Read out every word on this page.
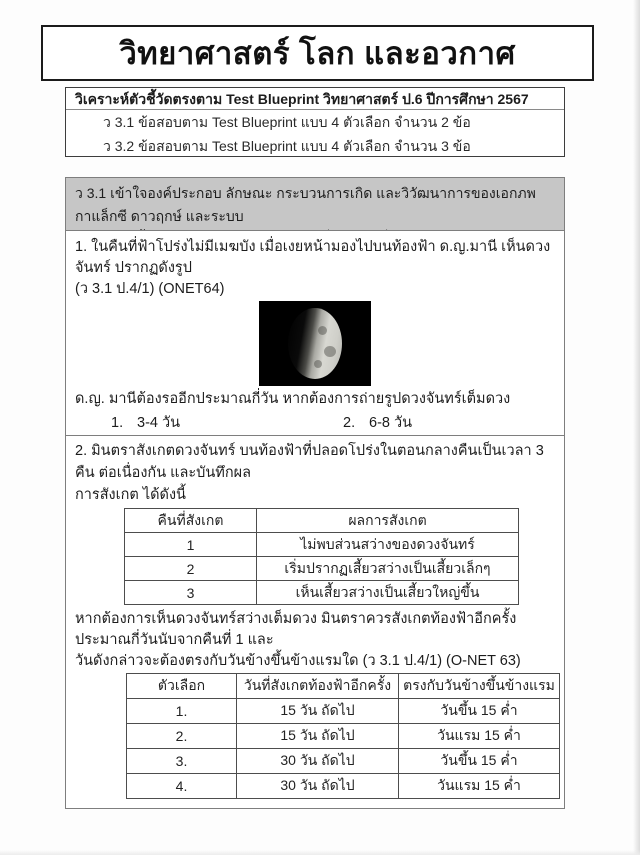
วิทยาศาสตร์ โลก และอวกาศ
วิเคราะห์ตัวชี้วัดตรงตาม Test Blueprint วิทยาศาสตร์ ป.6 ปีการศึกษา 2567
ว 3.1 ข้อสอบตาม Test Blueprint แบบ 4 ตัวเลือก จำนวน 2 ข้อ
ว 3.2 ข้อสอบตาม Test Blueprint แบบ 4 ตัวเลือก จำนวน 3 ข้อ
ว 3.1 เข้าใจองค์ประกอบ ลักษณะ กระบวนการเกิด และวิวัฒนาการของเอกภพกาแล็กซี ดาวฤกษ์ และระบบ
1. ในคืนที่ฟ้าโปร่งไม่มีเมฆบัง เมื่อเงยหน้ามองไปบนท้องฟ้า ด.ญ.มานี เห็นดวงจันทร์ ปรากฏดังรูป
(ว 3.1 ป.4/1) (ONET64)
ด.ญ. มานีต้องรออีกประมาณกี่วัน หากต้องการถ่ายรูปดวงจันทร์เต็มดวง
1. 3-4 วัน	2. 6-8 วัน
2. มินตราสังเกตดวงจันทร์ บนท้องฟ้าที่ปลอดโปร่งในตอนกลางคืนเป็นเวลา 3 คืน ต่อเนื่องกัน และบันทึกผล
การสังเกต ได้ดังนี้
คืนที่สังเกต	ผลการสังเกต
1	ไม่พบส่วนสว่างของดวงจันทร์
2	เริ่มปรากฏเสี้ยวสว่างเป็นเสี้ยวเล็กๆ
3	เห็นเสี้ยวสว่างเป็นเสี้ยวใหญ่ขึ้น
หากต้องการเห็นดวงจันทร์สว่างเต็มดวง มินตราควรสังเกตท้องฟ้าอีกครั้งประมาณกี่วันนับจากคืนที่ 1 และ
วันดังกล่าวจะต้องตรงกับวันข้างขึ้นข้างแรมใด (ว 3.1 ป.4/1) (O-NET 63)
ตัวเลือก	วันที่สังเกตท้องฟ้าอีกครั้ง	ตรงกับวันข้างขึ้นข้างแรม
1.	15 วัน ถัดไป	วันขึ้น 15 ค่ำ
2.	15 วัน ถัดไป	วันแรม 15 ค่ำ
3.	30 วัน ถัดไป	วันขึ้น 15 ค่ำ
4.	30 วัน ถัดไป	วันแรม 15 ค่ำ
